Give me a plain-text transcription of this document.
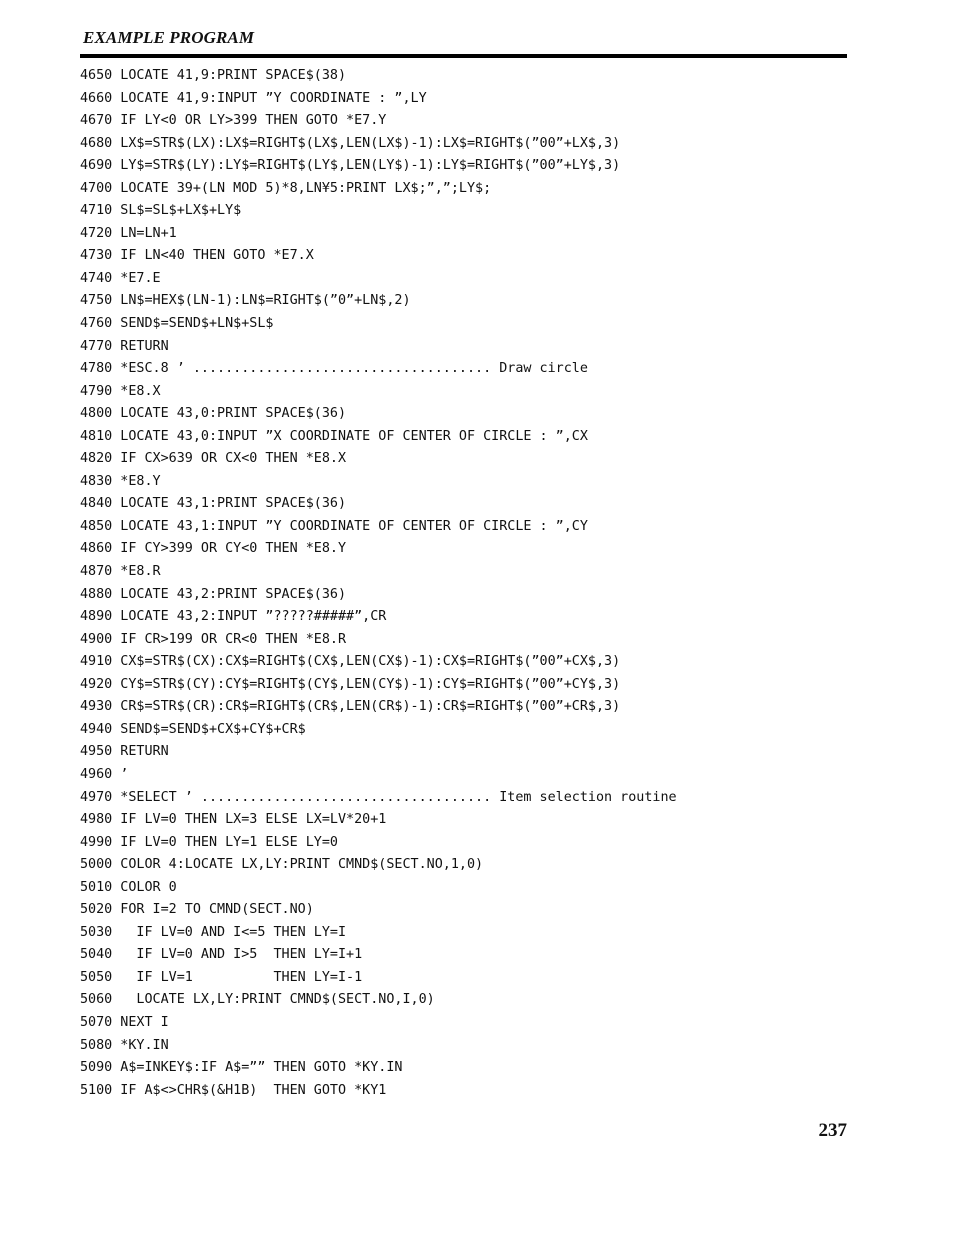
EXAMPLE PROGRAM
4650 LOCATE 41,9:PRINT SPACE$(38)
4660 LOCATE 41,9:INPUT ”Y COORDINATE : ”,LY
4670 IF LY<0 OR LY>399 THEN GOTO *E7.Y
4680 LX$=STR$(LX):LX$=RIGHT$(LX$,LEN(LX$)-1):LX$=RIGHT$(”00”+LX$,3)
4690 LY$=STR$(LY):LY$=RIGHT$(LY$,LEN(LY$)-1):LY$=RIGHT$(”00”+LY$,3)
4700 LOCATE 39+(LN MOD 5)*8,LN¥5:PRINT LX$;”,”;LY$;
4710 SL$=SL$+LX$+LY$
4720 LN=LN+1
4730 IF LN<40 THEN GOTO *E7.X
4740 *E7.E
4750 LN$=HEX$(LN-1):LN$=RIGHT$(”0”+LN$,2)
4760 SEND$=SEND$+LN$+SL$
4770 RETURN
4780 *ESC.8 ’ ..................................... Draw circle
4790 *E8.X
4800 LOCATE 43,0:PRINT SPACE$(36)
4810 LOCATE 43,0:INPUT ”X COORDINATE OF CENTER OF CIRCLE : ”,CX
4820 IF CX>639 OR CX<0 THEN *E8.X
4830 *E8.Y
4840 LOCATE 43,1:PRINT SPACE$(36)
4850 LOCATE 43,1:INPUT ”Y COORDINATE OF CENTER OF CIRCLE : ”,CY
4860 IF CY>399 OR CY<0 THEN *E8.Y
4870 *E8.R
4880 LOCATE 43,2:PRINT SPACE$(36)
4890 LOCATE 43,2:INPUT ”?????#####”,CR
4900 IF CR>199 OR CR<0 THEN *E8.R
4910 CX$=STR$(CX):CX$=RIGHT$(CX$,LEN(CX$)-1):CX$=RIGHT$(”00”+CX$,3)
4920 CY$=STR$(CY):CY$=RIGHT$(CY$,LEN(CY$)-1):CY$=RIGHT$(”00”+CY$,3)
4930 CR$=STR$(CR):CR$=RIGHT$(CR$,LEN(CR$)-1):CR$=RIGHT$(”00”+CR$,3)
4940 SEND$=SEND$+CX$+CY$+CR$
4950 RETURN
4960 ’
4970 *SELECT ’ .................................... Item selection routine
4980 IF LV=0 THEN LX=3 ELSE LX=LV*20+1
4990 IF LV=0 THEN LY=1 ELSE LY=0
5000 COLOR 4:LOCATE LX,LY:PRINT CMND$(SECT.NO,1,0)
5010 COLOR 0
5020 FOR I=2 TO CMND(SECT.NO)
5030   IF LV=0 AND I<=5 THEN LY=I
5040   IF LV=0 AND I>5  THEN LY=I+1
5050   IF LV=1          THEN LY=I-1
5060   LOCATE LX,LY:PRINT CMND$(SECT.NO,I,0)
5070 NEXT I
5080 *KY.IN
5090 A$=INKEY$:IF A$=”” THEN GOTO *KY.IN
5100 IF A$<>CHR$(&H1B)  THEN GOTO *KY1
237
